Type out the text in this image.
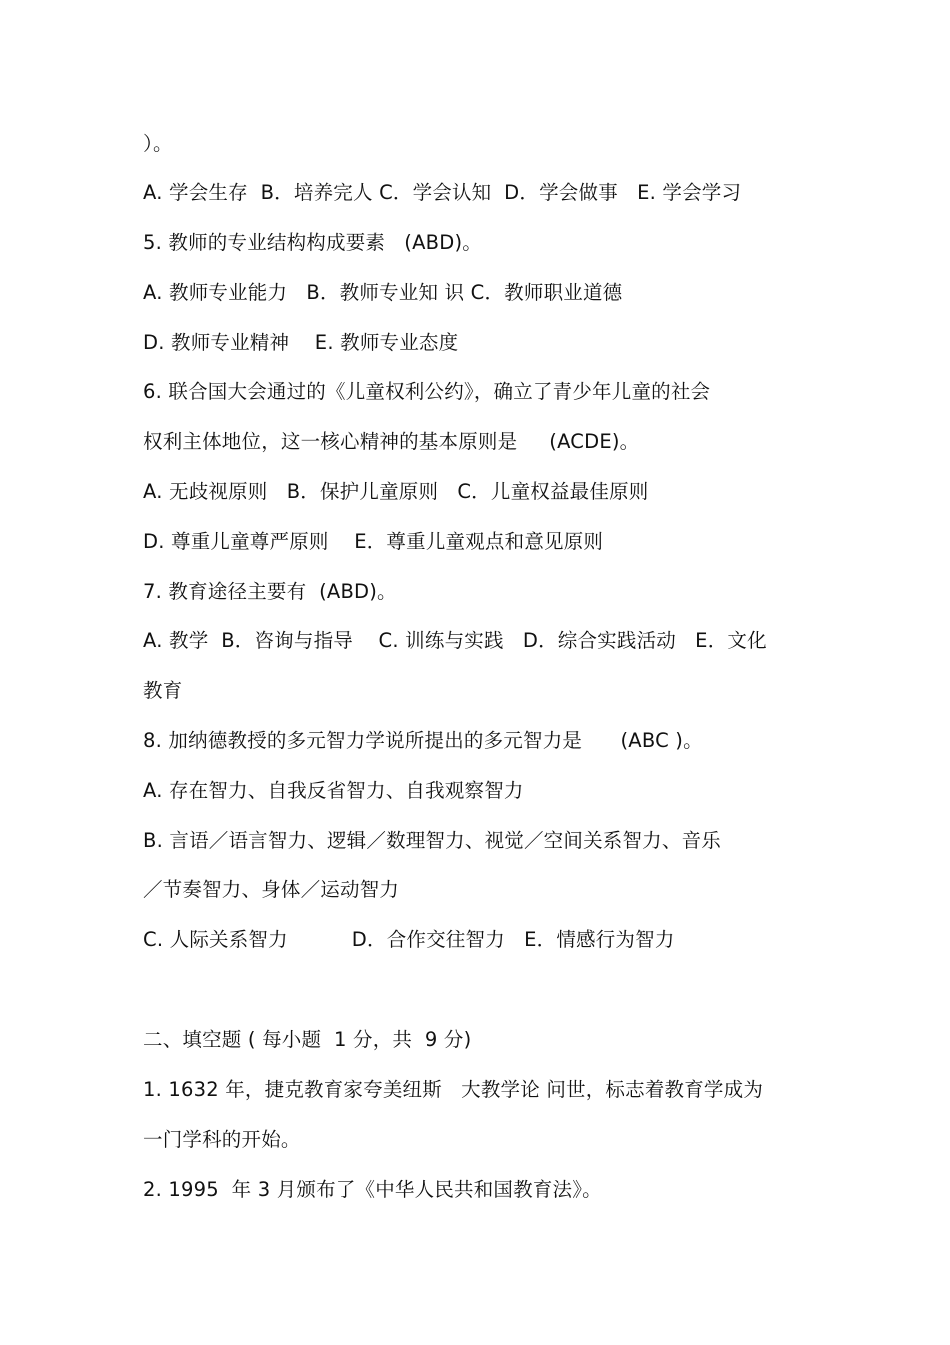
）。
A. 学会生存  B．培养完人 C．学会认知  D．学会做事   E. 学会学习
5. 教师的专业结构构成要素   (ABD)。
A. 教师专业能力   B．教师专业知 识 C．教师职业道德
D. 教师专业精神    E. 教师专业态度
6. 联合国大会通过的《儿童权利公约》，确立了青少年儿童的社会
权利主体地位，这一核心精神的基本原则是     (ACDE)。
A. 无歧视原则   B．保护儿童原则   C．儿童权益最佳原则
D. 尊重儿童尊严原则    E．尊重儿童观点和意见原则
7. 教育途径主要有  (ABD)。
A. 教学  B．咨询与指导    C. 训练与实践   D．综合实践活动   E．文化
教育
8. 加纳德教授的多元智力学说所提出的多元智力是      (ABC )。
A. 存在智力、自我反省智力、自我观察智力
B. 言语／语言智力、逻辑／数理智力、视觉／空间关系智力、音乐
／节奏智力、身体／运动智力
C. 人际关系智力          D．合作交往智力   E．情感行为智力
二、填空题 ( 每小题  1 分，共  9 分)
1. 1632 年，捷克教育家夸美纽斯   大教学论 问世，标志着教育学成为
一门学科的开始。
2. 1995  年 3 月颁布了《中华人民共和国教育法》。
